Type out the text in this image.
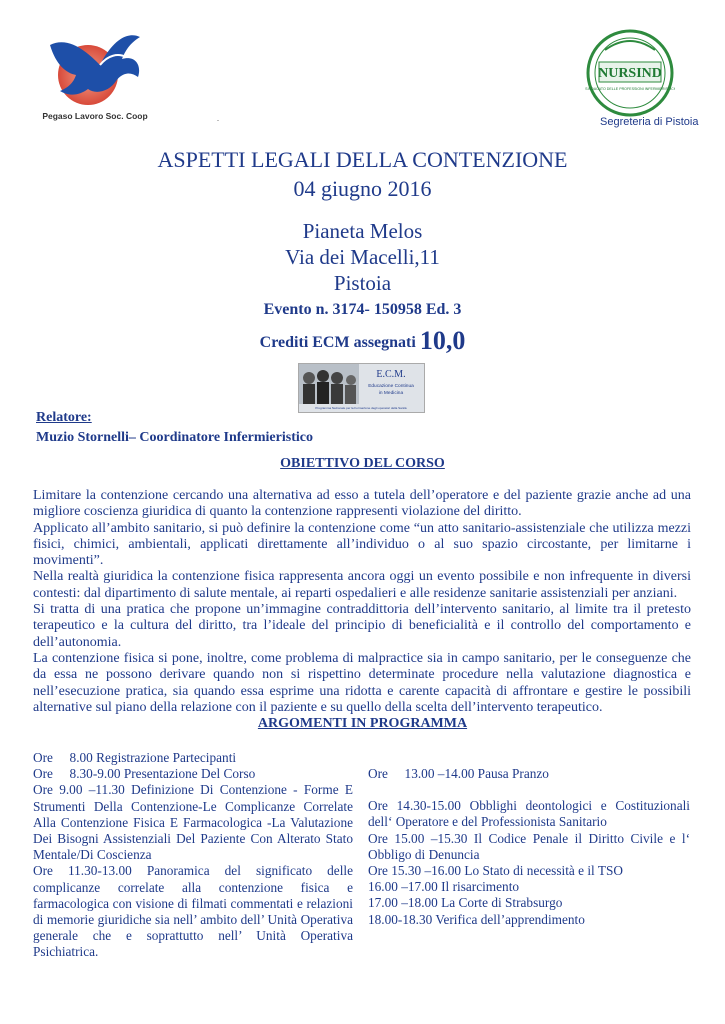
Pegaso Lavoro Soc. Coop	.
NURSIND
IL SINDACATO DELLE PROFESSIONI INFERMIERISTICHE
Segreteria di Pistoia
ASPETTI LEGALI DELLA CONTENZIONE
04 giugno 2016
Pianeta Melos
Via dei Macelli,11
Pistoia
Evento n. 3174- 150958 Ed. 3
Crediti ECM assegnati 10,0
E.C.M.
Educazione Continua
in Medicina
Programma Nazionale per la Formazione degli operatori della Sanità
Relatore:
Muzio Stornelli– Coordinatore Infermieristico
OBIETTIVO DEL CORSO

Limitare la contenzione cercando una alternativa ad esso a tutela dell’operatore e del paziente grazie anche ad una migliore coscienza giuridica di quanto la contenzione rappresenti violazione del diritto.

Applicato all’ambito sanitario, si può definire la contenzione come “un atto sanitario-assistenziale che utilizza mezzi fisici, chimici, ambientali, applicati direttamente all’individuo o al suo spazio circostante, per limitarne i movimenti”.

Nella realtà giuridica la contenzione fisica rappresenta ancora oggi un evento possibile e non infrequente in diversi contesti: dal dipartimento di salute mentale, ai reparti ospedalieri e alle residenze sanitarie assistenziali per anziani.

Si tratta di una pratica che propone un’immagine contraddittoria dell’intervento sanitario, al limite tra il pretesto terapeutico e la cultura del diritto, tra l’ideale del principio di beneficialità e il controllo del comportamento e dell’autonomia.

La contenzione fisica si pone, inoltre, come problema di malpractice sia in campo sanitario, per le conseguenze che da essa ne possono derivare quando non si rispettino determinate procedure nella valutazione diagnostica e nell’esecuzione pratica, sia quando essa esprime una ridotta e carente capacità di affrontare e gestire le possibili alternative sul piano della relazione con il paziente e su quello della scelta dell’intervento terapeutico.

ARGOMENTI IN PROGRAMMA

Ore     8.00 Registrazione Partecipanti

Ore     8.30-9.00 Presentazione Del Corso

Ore 9.00 –11.30 Definizione Di Contenzione - Forme E Strumenti Della Contenzione-Le Complicanze Correlate Alla Contenzione Fisica E Farmacologica -La Valutazione Dei Bisogni Assistenziali Del Paziente Con Alterato Stato Mentale/Di Coscienza

Ore 11.30-13.00 Panoramica del significato delle complicanze correlate alla contenzione fisica e farmacologica con visione di filmati commentati e relazioni di memorie giuridiche sia nell’ ambito dell’ Unità Operativa generale che e soprattutto nell’ Unità Operativa Psichiatrica.

Ore     13.00 –14.00 Pausa Pranzo

Ore 14.30-15.00 Obblighi deontologici e Costituzionali dell‘ Operatore e del Professionista Sanitario

Ore 15.00 –15.30 Il Codice Penale il Diritto Civile e l‘ Obbligo di Denuncia

Ore 15.30 –16.00 Lo Stato di necessità e il TSO

16.00 –17.00 Il risarcimento

17.00 –18.00 La Corte di Strabsurgo

18.00-18.30 Verifica dell’apprendimento
